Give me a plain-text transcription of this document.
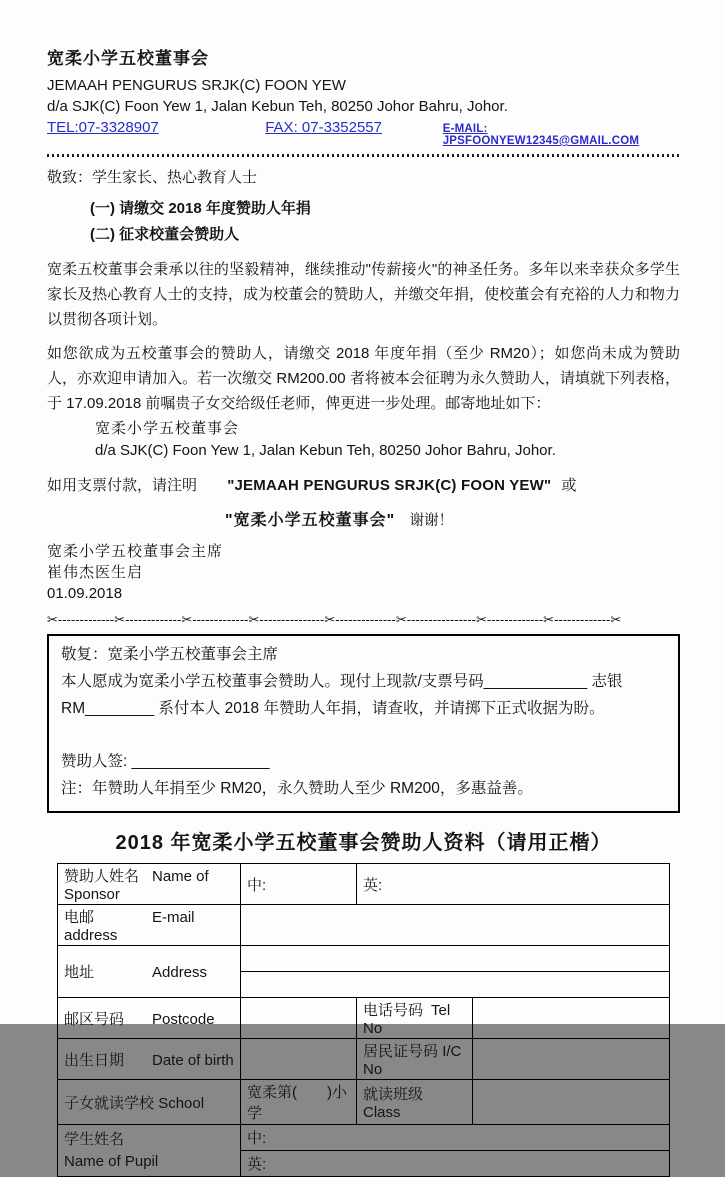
宽柔小学五校董事会
JEMAAH PENGURUS SRJK(C) FOON YEW
d/a SJK(C) Foon Yew 1, Jalan Kebun Teh, 80250 Johor Bahru, Johor.
TEL:07-3328907	FAX: 07-3352557	E-MAIL: JPSFOONYEW12345@GMAIL.COM
敬致：学生家长、热心教育人士
(一) 请缴交 2018 年度赞助人年捐
(二) 征求校董会赞助人
宽柔五校董事会秉承以往的坚毅精神，继续推动"传薪接火"的神圣任务。多年以来幸获众多学生家长及热心教育人士的支持，成为校董会的赞助人，并缴交年捐，使校董会有充裕的人力和物力以贯彻各项计划。
如您欲成为五校董事会的赞助人，请缴交 2018 年度年捐（至少 RM20）；如您尚未成为赞助人，亦欢迎申请加入。若一次缴交 RM200.00 者将被本会征聘为永久赞助人，请填就下列表格，于 17.09.2018 前嘱贵子女交给级任老师，俾更进一步处理。邮寄地址如下：
宽柔小学五校董事会
d/a SJK(C) Foon Yew 1, Jalan Kebun Teh, 80250 Johor Bahru, Johor.
如用支票付款，请注明 "JEMAAH PENGURUS SRJK(C) FOON YEW" 或
"宽柔小学五校董事会" 谢谢！
宽柔小学五校董事会主席
崔伟杰医生启
01.09.2018
✂-------------✂-------------✂-------------✂---------------✂--------------✂----------------✂-------------✂-------------✂
敬复：宽柔小学五校董事会主席
本人愿成为宽柔小学五校董事会赞助人。现付上现款/支票号码____________ 志银 RM________ 系付本人 2018 年赞助人年捐，请查收，并请掷下正式收据为盼。
赞助人签: ________________
注：年赞助人年捐至少 RM20，永久赞助人至少 RM200，多惠益善。
2018 年宽柔小学五校董事会赞助人资料（请用正楷）
赞助人姓名 Name of Sponsor	中:	英:	
电邮 E-mail address			
地址 Address			

邮区号码 Postcode		电话号码 Tel No	
出生日期 Date of birth		居民证号码 I/C No	
子女就读学校 School	宽柔第(　　)小学	就读班级Class	

学生姓名
Name of Pupil	中:		
	英:		
